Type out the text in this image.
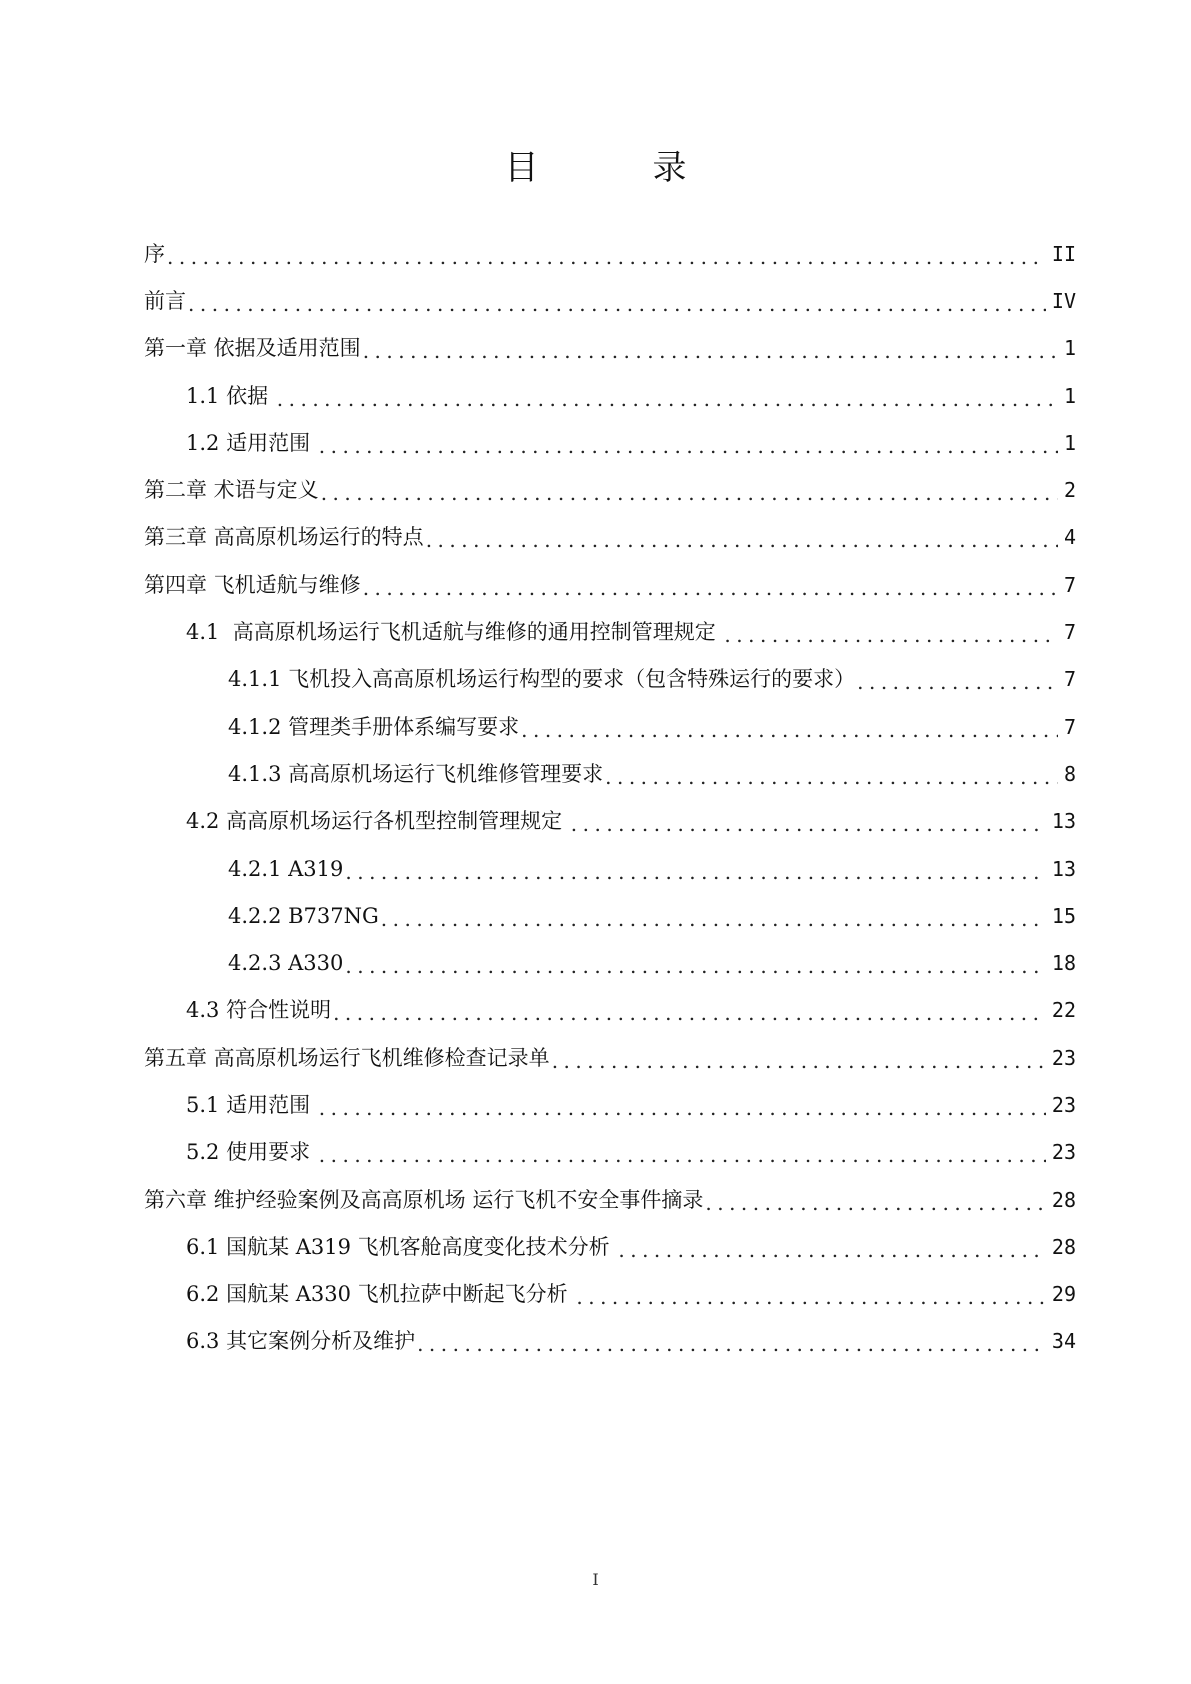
目　录
序 .....	II
前言 .....	IV
第一章 依据及适用范围 .....	1
1.1 依据 .....	1
1.2 适用范围 .....	1
第二章 术语与定义 .....	2
第三章 高高原机场运行的特点 .....	4
第四章 飞机适航与维修 .....	7
4.1  高高原机场运行飞机适航与维修的通用控制管理规定 .....	7
4.1.1 飞机投入高高原机场运行构型的要求（包含特殊运行的要求） .....	7
4.1.2 管理类手册体系编写要求 .....	7
4.1.3 高高原机场运行飞机维修管理要求 .....	8
4.2 高高原机场运行各机型控制管理规定 .....	13
4.2.1 A319 .....	13
4.2.2 B737NG .....	15
4.2.3 A330 .....	18
4.3 符合性说明 .....	22
第五章 高高原机场运行飞机维修检查记录单 .....	23
5.1 适用范围 .....	23
5.2 使用要求 .....	23
第六章 维护经验案例及高高原机场 运行飞机不安全事件摘录 .....	28
6.1 国航某 A319 飞机客舱高度变化技术分析 .....	28
6.2 国航某 A330 飞机拉萨中断起飞分析 .....	29
6.3 其它案例分析及维护 .....	34
I
